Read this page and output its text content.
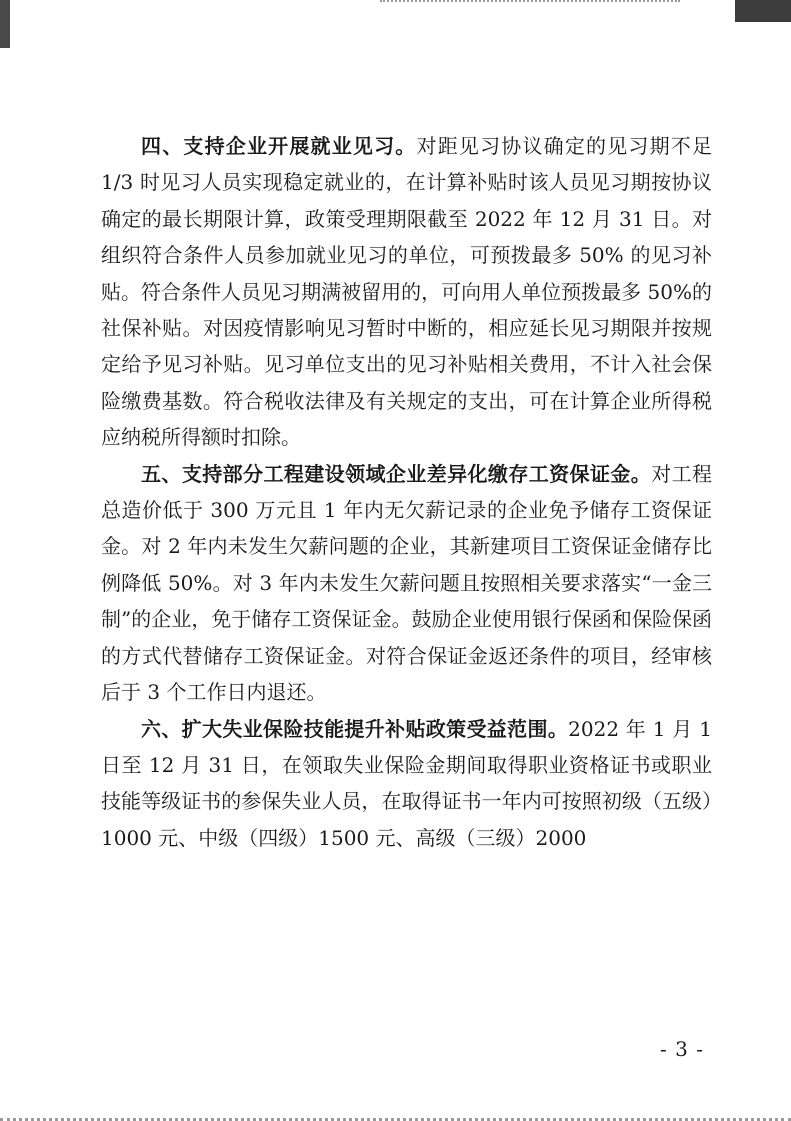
四、支持企业开展就业见习。对距见习协议确定的见习期不足 1/3 时见习人员实现稳定就业的，在计算补贴时该人员见习期按协议确定的最长期限计算，政策受理期限截至 2022 年 12 月 31 日。对组织符合条件人员参加就业见习的单位，可预拨最多 50% 的见习补贴。符合条件人员见习期满被留用的，可向用人单位预拨最多 50%的社保补贴。对因疫情影响见习暂时中断的，相应延长见习期限并按规定给予见习补贴。见习单位支出的见习补贴相关费用，不计入社会保险缴费基数。符合税收法律及有关规定的支出，可在计算企业所得税应纳税所得额时扣除。

五、支持部分工程建设领域企业差异化缴存工资保证金。对工程总造价低于 300 万元且 1 年内无欠薪记录的企业免予储存工资保证金。对 2 年内未发生欠薪问题的企业，其新建项目工资保证金储存比例降低 50%。对 3 年内未发生欠薪问题且按照相关要求落实“一金三制”的企业，免于储存工资保证金。鼓励企业使用银行保函和保险保函的方式代替储存工资保证金。对符合保证金返还条件的项目，经审核后于 3 个工作日内退还。

六、扩大失业保险技能提升补贴政策受益范围。2022 年 1 月 1 日至 12 月 31 日，在领取失业保险金期间取得职业资格证书或职业技能等级证书的参保失业人员，在取得证书一年内可按照初级（五级）1000 元、中级（四级）1500 元、高级（三级）2000

- 3 -
